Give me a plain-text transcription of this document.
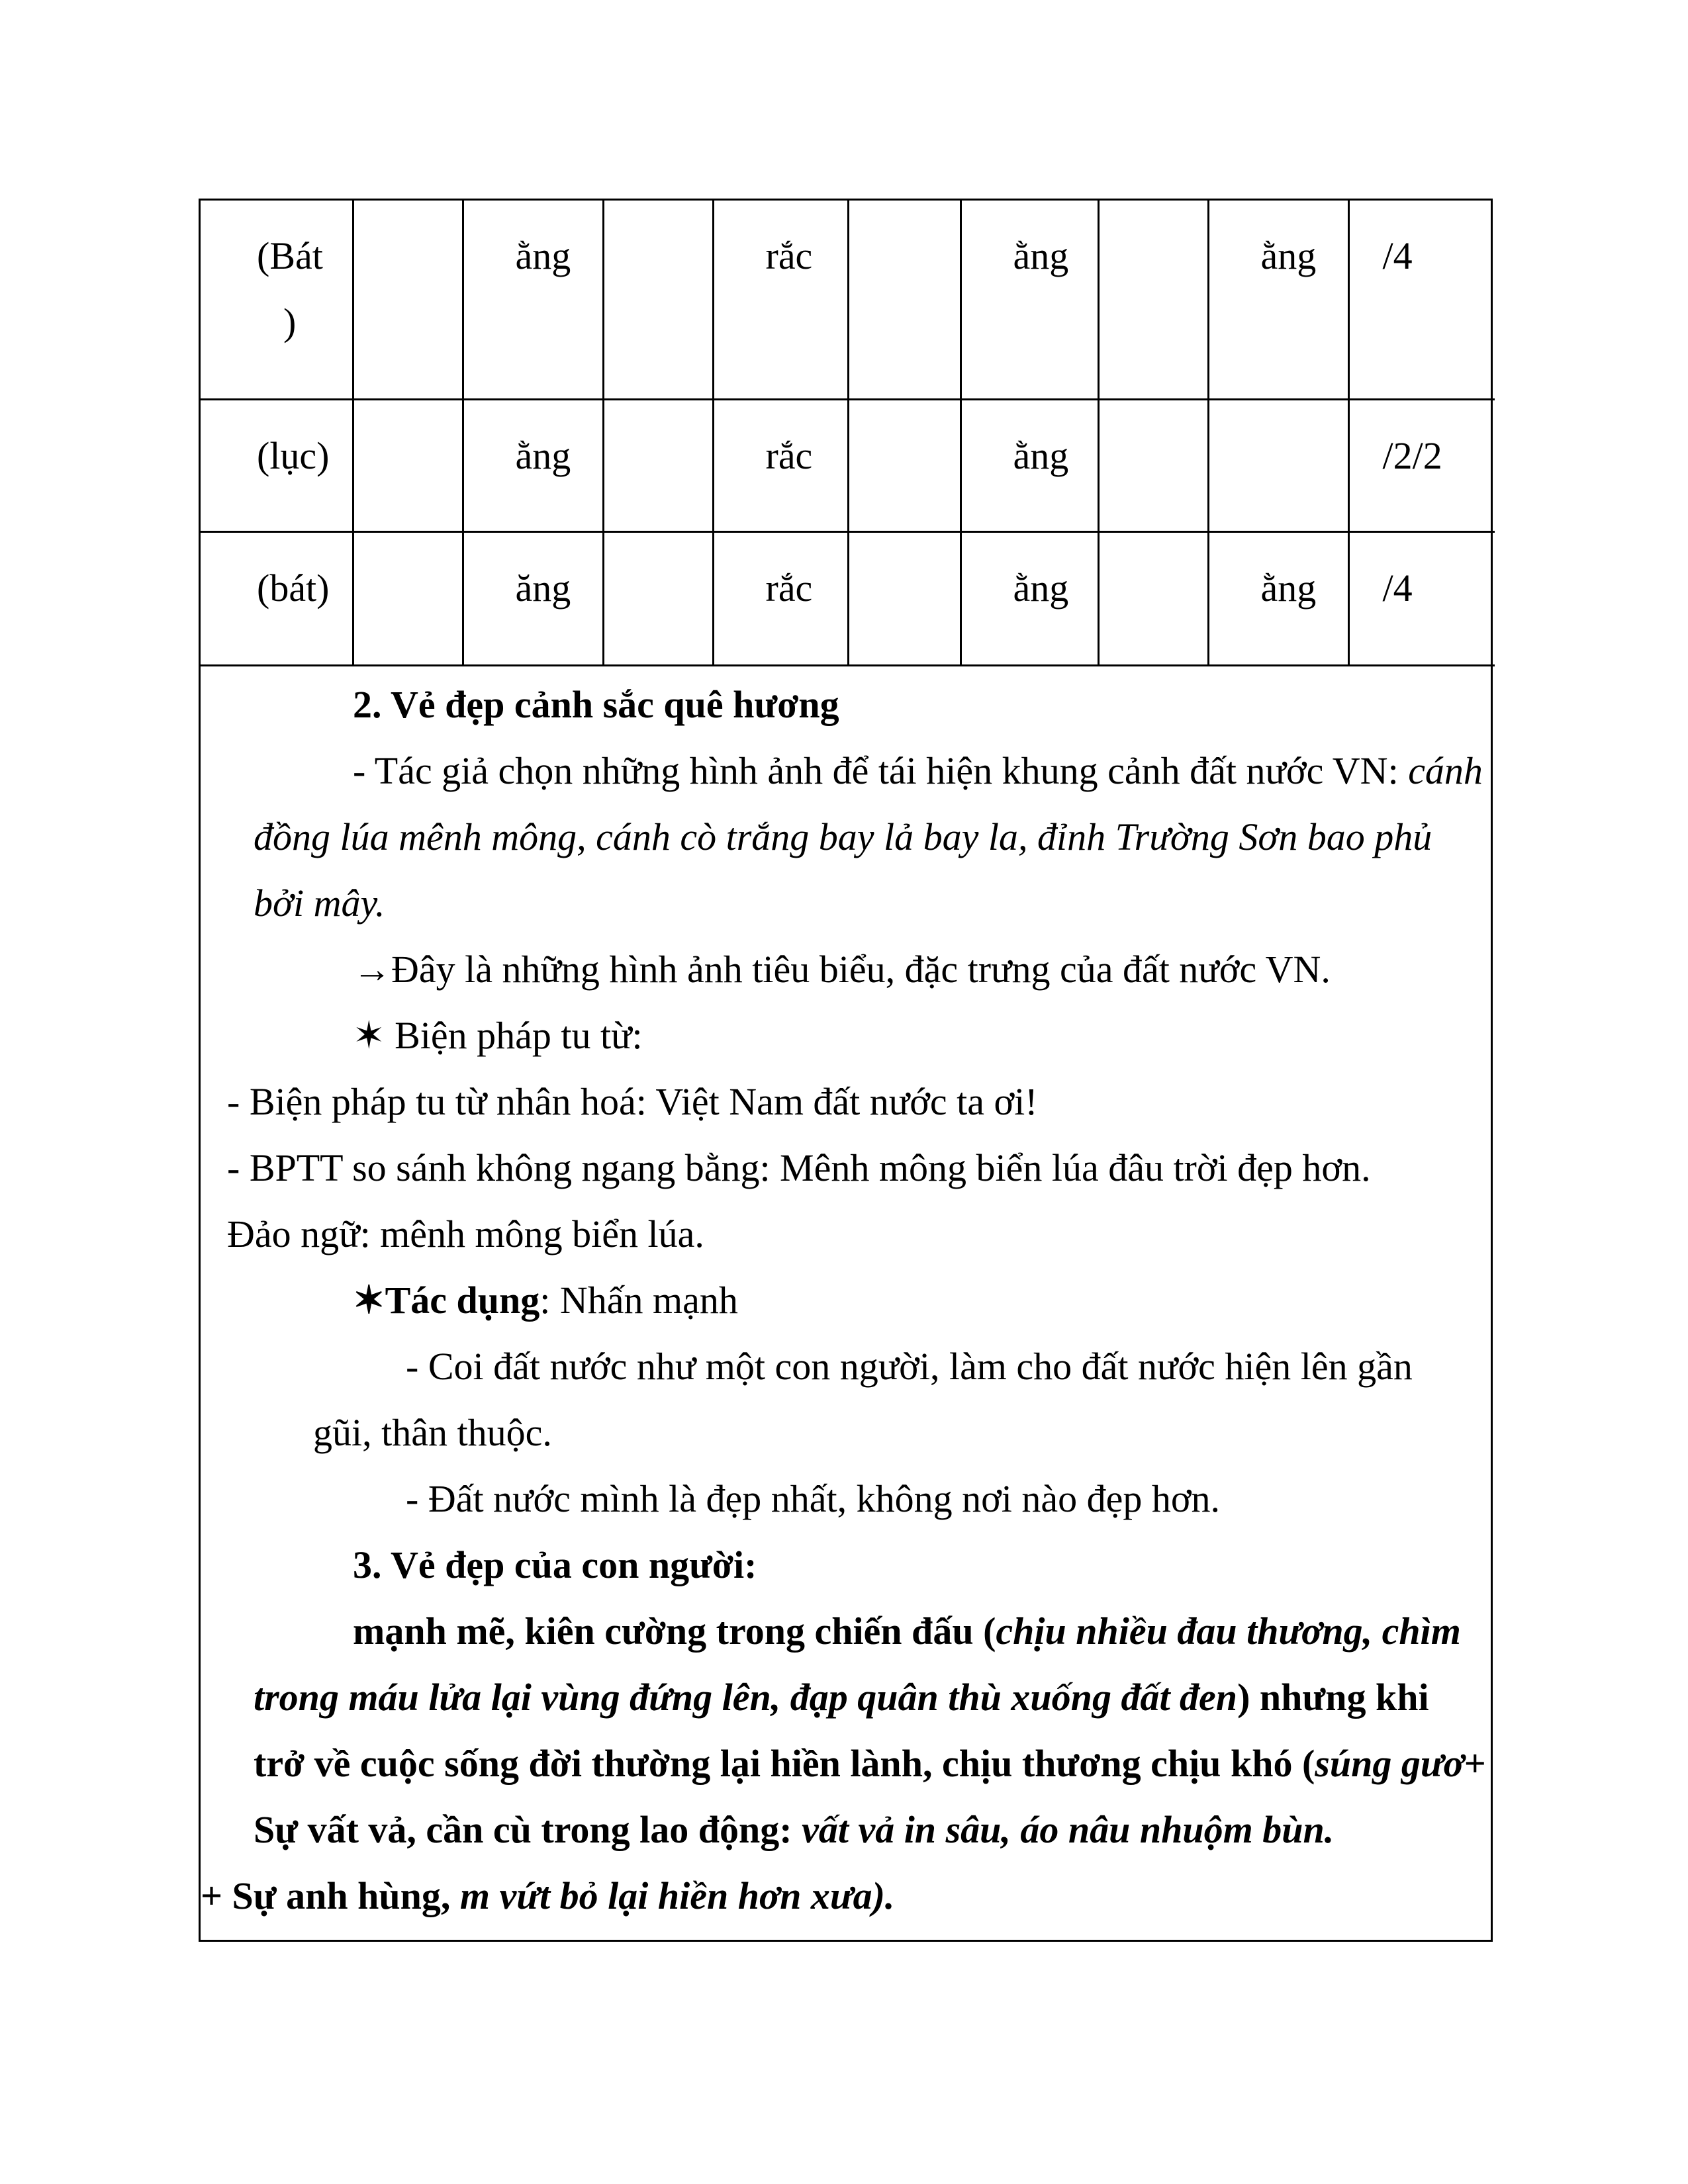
(Bát
)		ằng		rắc		ằng		ằng	/4
(lục)		ằng		rắc		ằng			/2/2
(bát)		ăng		rắc		ằng		ằng	/4
2. Vẻ đẹp cảnh sắc quê hương
- Tác giả chọn những hình ảnh để tái hiện khung cảnh đất nước VN: cánh
đồng lúa mênh mông, cánh cò trắng bay lả bay la, đỉnh Trường Sơn bao phủ
bởi mây.
→Đây là những hình ảnh tiêu biểu, đặc trưng của đất nước VN.
✶ Biện pháp tu từ:
- Biện pháp tu từ nhân hoá: Việt Nam đất nước ta ơi!
- BPTT so sánh không ngang bằng: Mênh mông biển lúa đâu trời đẹp hơn.
Đảo ngữ: mênh mông biển lúa.
✶Tác dụng: Nhấn mạnh
- Coi đất nước như một con người, làm cho đất nước hiện lên gần
gũi, thân thuộc.
- Đất nước mình là đẹp nhất, không nơi nào đẹp hơn.
3. Vẻ đẹp của con người:
mạnh mẽ, kiên cường trong chiến đấu (chịu nhiều đau thương, chìm
trong máu lửa lại vùng đứng lên, đạp quân thù xuống đất đen) nhưng khi
trở về cuộc sống đời thường lại hiền lành, chịu thương chịu khó (súng gươ+
Sự vất vả, cần cù trong lao động: vất vả in sâu, áo nâu nhuộm bùn.
+ Sự anh hùng, m vứt bỏ lại hiền hơn xưa).
